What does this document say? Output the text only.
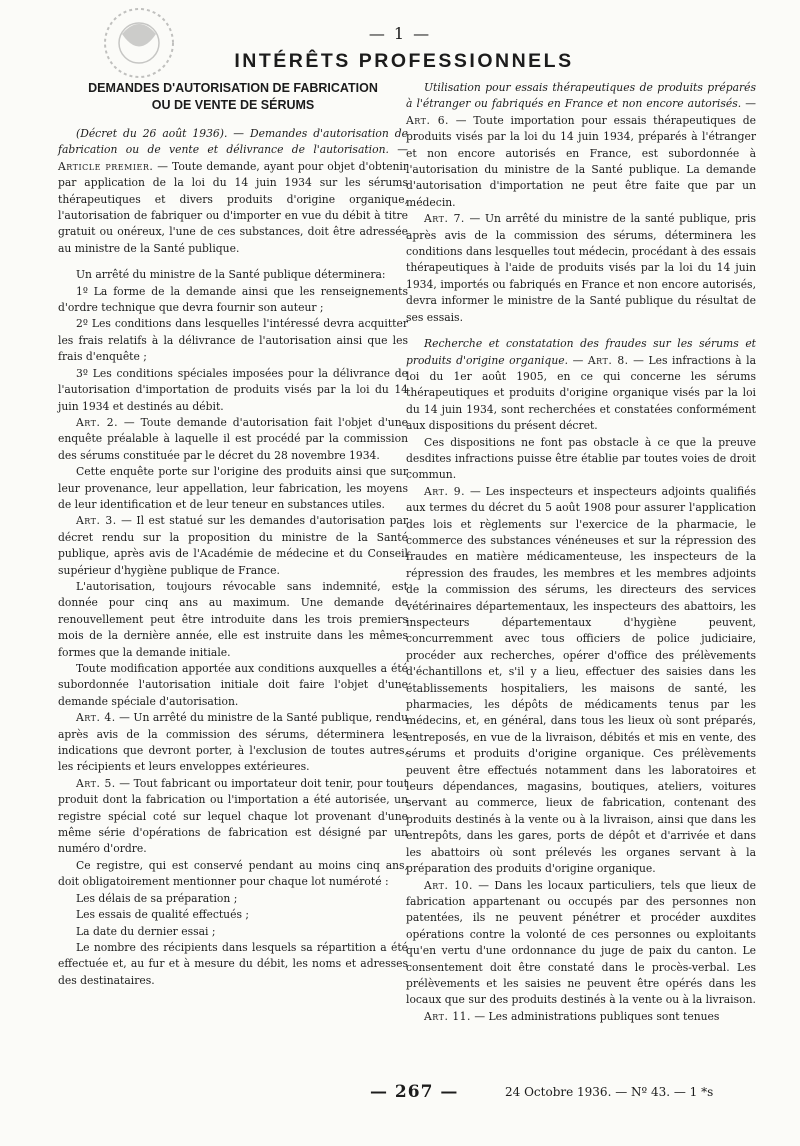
— 1 —
INTÉRÊTS PROFESSIONNELS
DEMANDES D'AUTORISATION DE FABRICATION
OU DE VENTE DE SÉRUMS

(Décret du 26 août 1936). — Demandes d'autorisation de fabrication ou de vente et délivrance de l'autorisation. — Article premier. — Toute demande, ayant pour objet d'obtenir par application de la loi du 14 juin 1934 sur les sérums thérapeutiques et divers produits d'origine organique, l'autorisation de fabriquer ou d'importer en vue du débit à titre gratuit ou onéreux, l'une de ces substances, doit être adressée au ministre de la Santé publique.

Un arrêté du ministre de la Santé publique déterminera:

1º La forme de la demande ainsi que les renseignements d'ordre technique que devra fournir son auteur ;

2º Les conditions dans lesquelles l'intéressé devra acquitter les frais relatifs à la délivrance de l'autorisation ainsi que les frais d'enquête ;

3º Les conditions spéciales imposées pour la délivrance de l'autorisation d'importation de produits visés par la loi du 14 juin 1934 et destinés au débit.

Art. 2. — Toute demande d'autorisation fait l'objet d'une enquête préalable à laquelle il est procédé par la commission des sérums constituée par le décret du 28 novembre 1934.

Cette enquête porte sur l'origine des produits ainsi que sur leur provenance, leur appellation, leur fabrication, les moyens de leur identification et de leur teneur en substances utiles.

Art. 3. — Il est statué sur les demandes d'autorisation par décret rendu sur la proposition du ministre de la Santé publique, après avis de l'Académie de médecine et du Conseil supérieur d'hygiène publique de France.

L'autorisation, toujours révocable sans indemnité, est donnée pour cinq ans au maximum. Une demande de renouvellement peut être introduite dans les trois premiers mois de la dernière année, elle est instruite dans les mêmes formes que la demande initiale.

Toute modification apportée aux conditions auxquelles a été subordonnée l'autorisation initiale doit faire l'objet d'une demande spéciale d'autorisation.

Art. 4. — Un arrêté du ministre de la Santé publique, rendu après avis de la commission des sérums, déterminera les indications que devront porter, à l'exclusion de toutes autres, les récipients et leurs enveloppes extérieures.

Art. 5. — Tout fabricant ou importateur doit tenir, pour tout produit dont la fabrication ou l'importation a été autorisée, un registre spécial coté sur lequel chaque lot provenant d'une même série d'opérations de fabrication est désigné par un numéro d'ordre.

Ce registre, qui est conservé pendant au moins cinq ans, doit obligatoirement mentionner pour chaque lot numéroté :

Les délais de sa préparation ;

Les essais de qualité effectués ;

La date du dernier essai ;

Le nombre des récipients dans lesquels sa répartition a été effectuée et, au fur et à mesure du débit, les noms et adresses des destinataires.

Utilisation pour essais thérapeutiques de produits préparés à l'étranger ou fabriqués en France et non encore autorisés. — Art. 6. — Toute importation pour essais thérapeutiques de produits visés par la loi du 14 juin 1934, préparés à l'étranger et non encore autorisés en France, est subordonnée à l'autorisation du ministre de la Santé publique. La demande d'autorisation d'importation ne peut être faite que par un médecin.

Art. 7. — Un arrêté du ministre de la santé publique, pris après avis de la commission des sérums, déterminera les conditions dans lesquelles tout médecin, procédant à des essais thérapeutiques à l'aide de produits visés par la loi du 14 juin 1934, importés ou fabriqués en France et non encore autorisés, devra informer le ministre de la Santé publique du résultat de ses essais.

Recherche et constatation des fraudes sur les sérums et produits d'origine organique. — Art. 8. — Les infractions à la loi du 1er août 1905, en ce qui concerne les sérums thérapeutiques et produits d'origine organique visés par la loi du 14 juin 1934, sont recherchées et constatées conformément aux dispositions du présent décret.

Ces dispositions ne font pas obstacle à ce que la preuve desdites infractions puisse être établie par toutes voies de droit commun.

Art. 9. — Les inspecteurs et inspecteurs adjoints qualifiés aux termes du décret du 5 août 1908 pour assurer l'application des lois et règlements sur l'exercice de la pharmacie, le commerce des substances vénéneuses et sur la répression des fraudes en matière médicamenteuse, les inspecteurs de la répression des fraudes, les membres et les membres adjoints de la commission des sérums, les directeurs des services vétérinaires départementaux, les inspecteurs des abattoirs, les inspecteurs départementaux d'hygiène peuvent, concurremment avec tous officiers de police judiciaire, procéder aux recherches, opérer d'office des prélèvements d'échantillons et, s'il y a lieu, effectuer des saisies dans les établissements hospitaliers, les maisons de santé, les pharmacies, les dépôts de médicaments tenus par les médecins, et, en général, dans tous les lieux où sont préparés, entreposés, en vue de la livraison, débités et mis en vente, des sérums et produits d'origine organique. Ces prélèvements peuvent être effectués notamment dans les laboratoires et leurs dépendances, magasins, boutiques, ateliers, voitures servant au commerce, lieux de fabrication, contenant des produits destinés à la vente ou à la livraison, ainsi que dans les entrepôts, dans les gares, ports de dépôt et d'arrivée et dans les abattoirs où sont prélevés les organes servant à la préparation des produits d'origine organique.

Art. 10. — Dans les locaux particuliers, tels que lieux de fabrication appartenant ou occupés par des personnes non patentées, ils ne peuvent pénétrer et procéder auxdites opérations contre la volonté de ces personnes ou exploitants qu'en vertu d'une ordonnance du juge de paix du canton. Le consentement doit être constaté dans le procès-verbal. Les prélèvements et les saisies ne peuvent être opérés dans les locaux que sur des produits destinés à la vente ou à la livraison.

Art. 11. — Les administrations publiques sont tenues

— 267 —	24 Octobre 1936. — Nº 43. — 1 *s
